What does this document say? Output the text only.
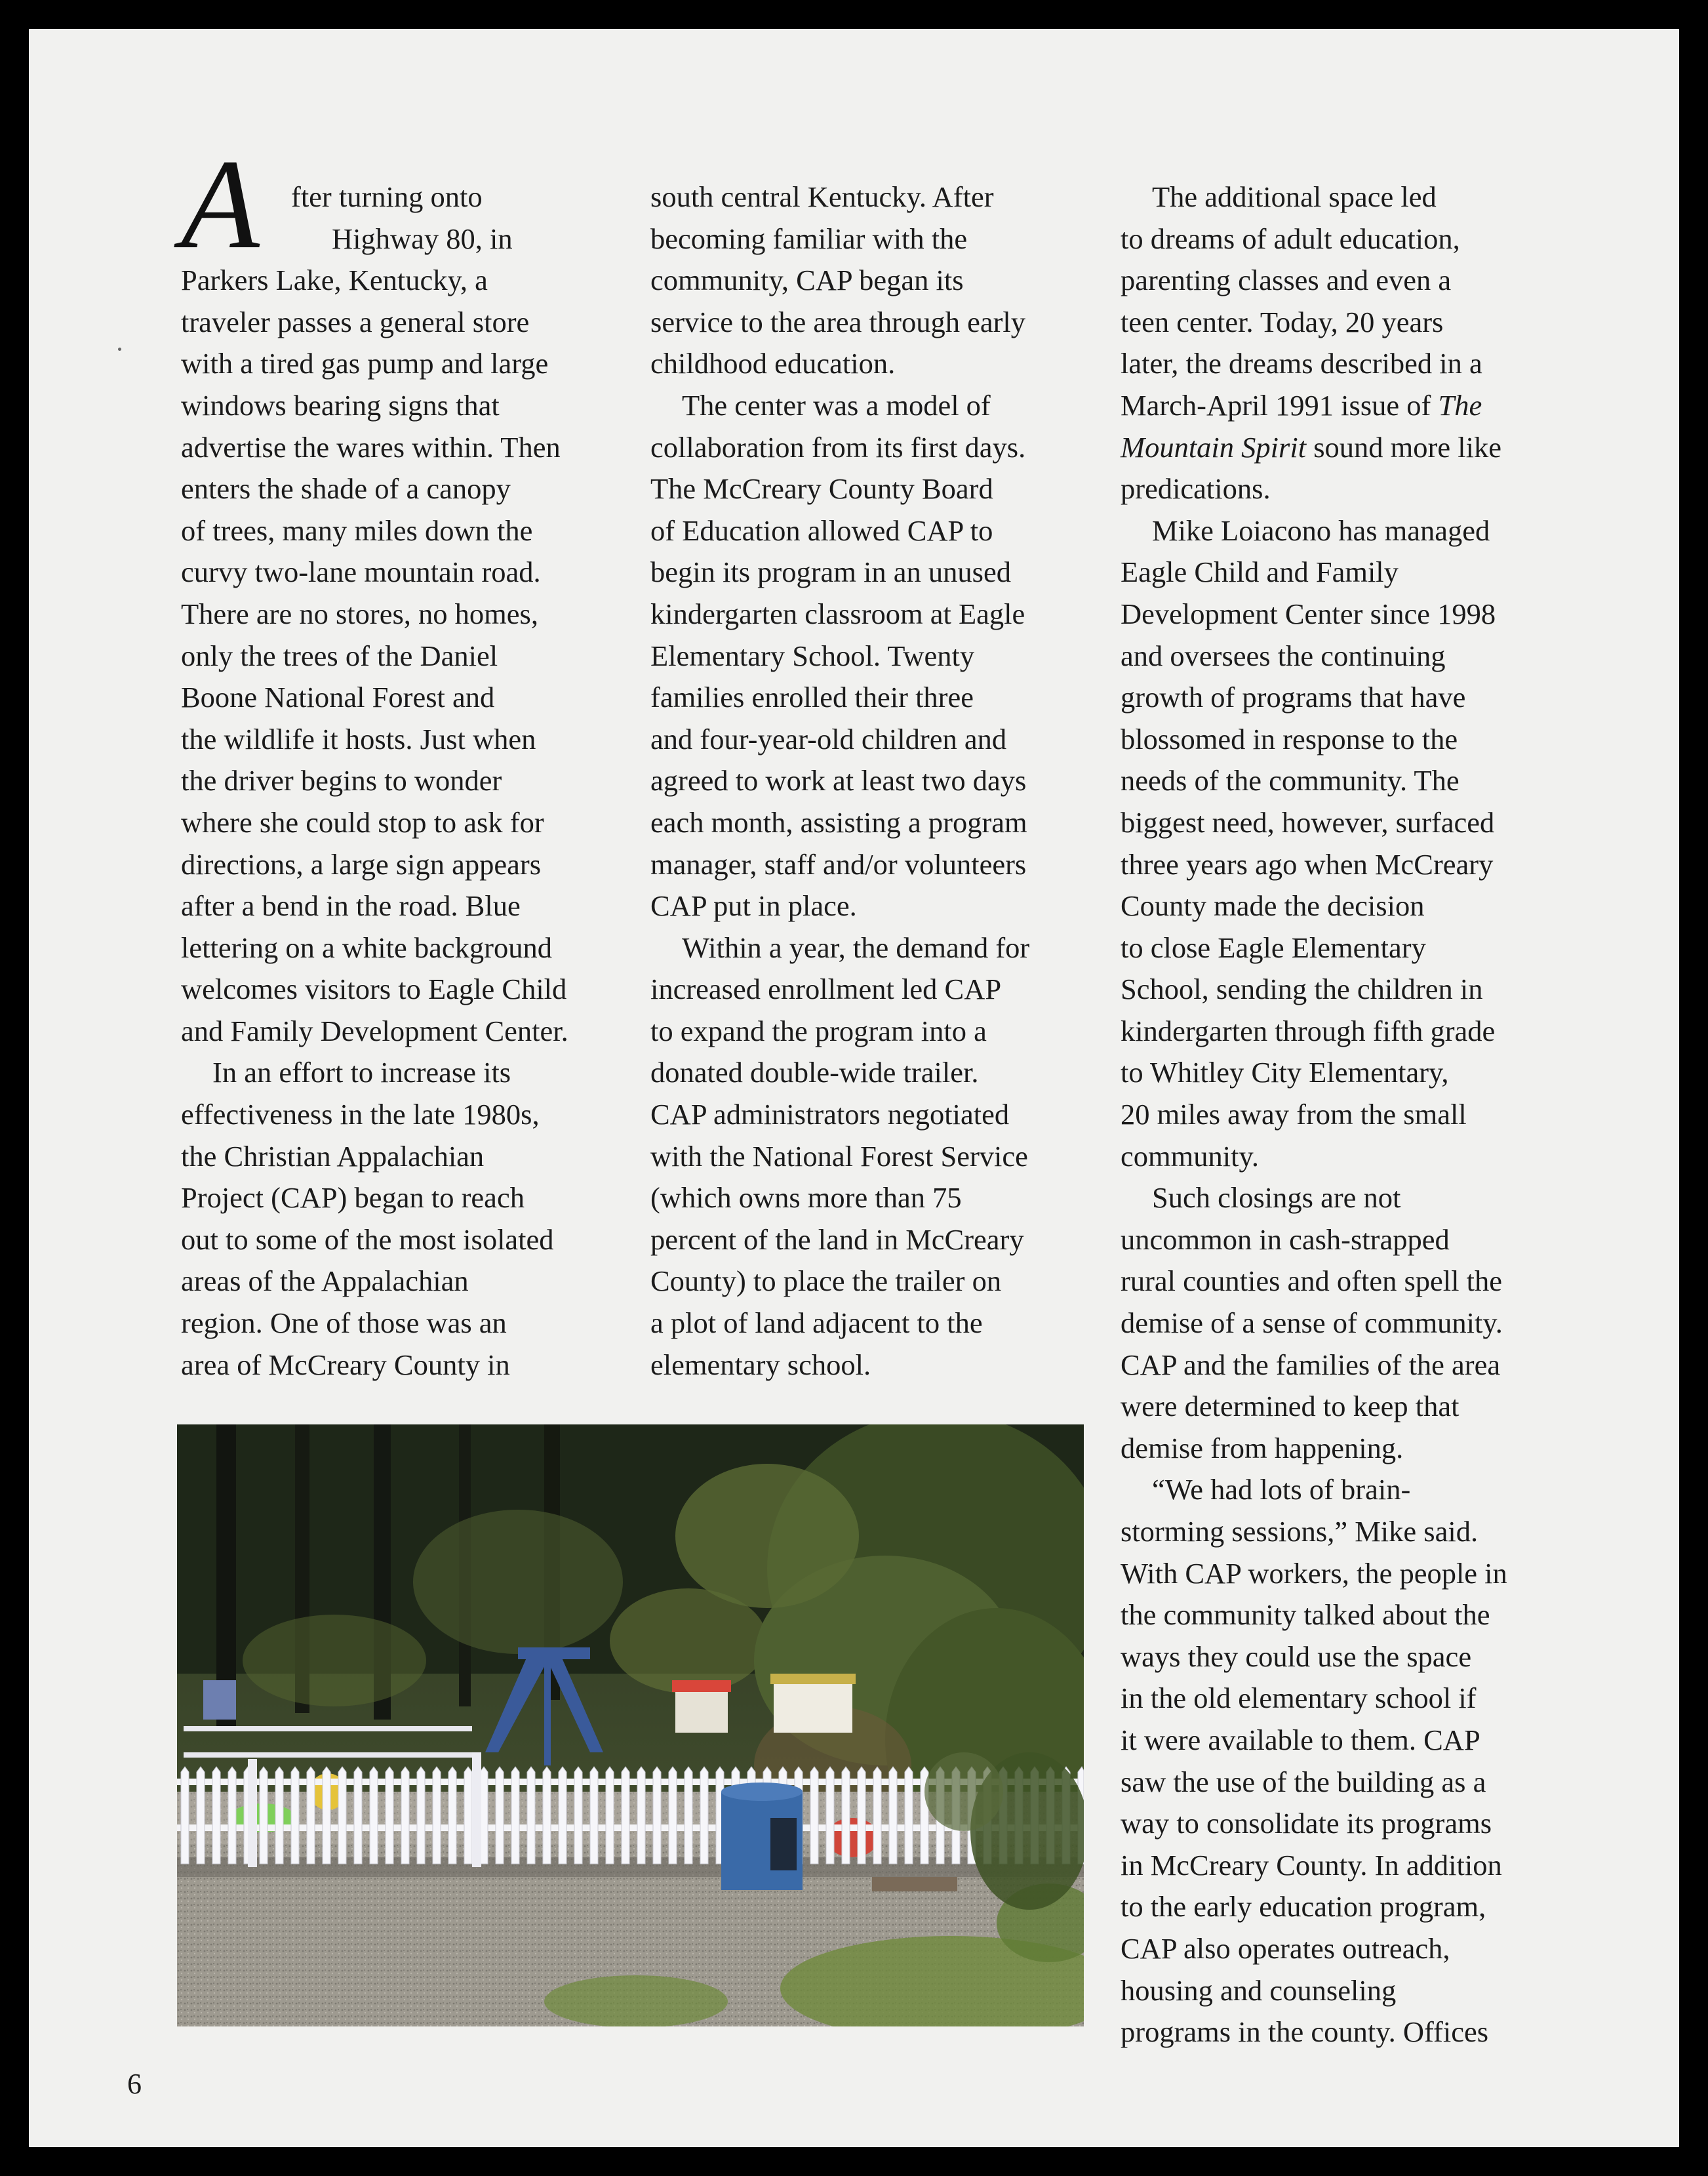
A	fter turning onto
Highway 80, in
Parkers Lake, Kentucky, a
traveler passes a general store
with a tired gas pump and large
windows bearing signs that
advertise the wares within. Then
enters the shade of a canopy
of trees, many miles down the
curvy two-lane mountain road.
There are no stores, no homes,
only the trees of the Daniel
Boone National Forest and
the wildlife it hosts. Just when
the driver begins to wonder
where she could stop to ask for
directions, a large sign appears
after a bend in the road. Blue
lettering on a white background
welcomes visitors to Eagle Child
and Family Development Center.
In an effort to increase its
effectiveness in the late 1980s,
the Christian Appalachian
Project (CAP) began to reach
out to some of the most isolated
areas of the Appalachian
region. One of those was an
area of McCreary County in
south central Kentucky. After
becoming familiar with the
community, CAP began its
service to the area through early
childhood education.
The center was a model of
collaboration from its first days.
The McCreary County Board
of Education allowed CAP to
begin its program in an unused
kindergarten classroom at Eagle
Elementary School. Twenty
families enrolled their three
and four-year-old children and
agreed to work at least two days
each month, assisting a program
manager, staff and/or volunteers
CAP put in place.
Within a year, the demand for
increased enrollment led CAP
to expand the program into a
donated double-wide trailer.
CAP administrators negotiated
with the National Forest Service
(which owns more than 75
percent of the land in McCreary
County) to place the trailer on
a plot of land adjacent to the
elementary school.
The additional space led
to dreams of adult education,
parenting classes and even a
teen center. Today, 20 years
later, the dreams described in a
March-April 1991 issue of The
Mountain Spirit sound more like
predications.
Mike Loiacono has managed
Eagle Child and Family
Development Center since 1998
and oversees the continuing
growth of programs that have
blossomed in response to the
needs of the community. The
biggest need, however, surfaced
three years ago when McCreary
County made the decision
to close Eagle Elementary
School, sending the children in
kindergarten through fifth grade
to Whitley City Elementary,
20 miles away from the small
community.
Such closings are not
uncommon in cash-strapped
rural counties and often spell the
demise of a sense of community.
CAP and the families of the area
were determined to keep that
demise from happening.
“We had lots of brain-
storming sessions,” Mike said.
With CAP workers, the people in
the community talked about the
ways they could use the space
in the old elementary school if
it were available to them. CAP
saw the use of the building as a
way to consolidate its programs
in McCreary County. In addition
to the early education program,
CAP also operates outreach,
housing and counseling
programs in the county. Offices
6
